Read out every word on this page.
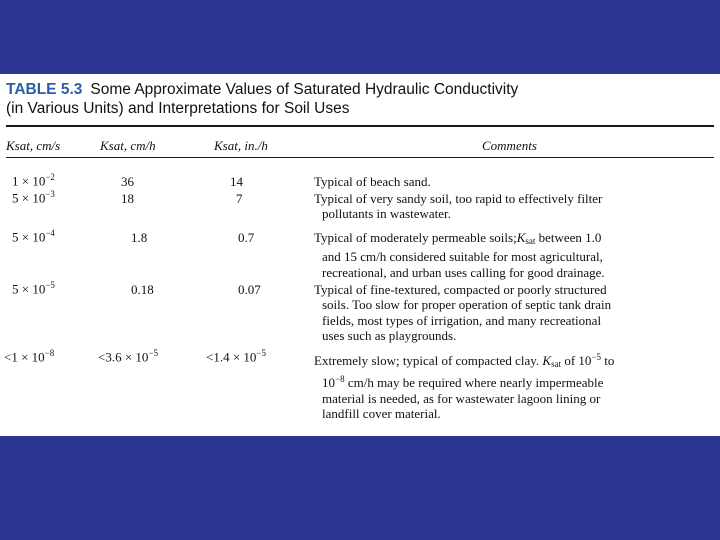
TABLE 5.3 Some Approximate Values of Saturated Hydraulic Conductivity
(in Various Units) and Interpretations for Soil Uses
Ksat, cm/s	Ksat, cm/h	Ksat, in./h	Comments
$1 \times 10^{-2}$	36	14	Typical of beach sand.
$5 \times 10^{-3}$	18	7	Typical of very sandy soil, too rapid to effectively filter
pollutants in wastewater.
$5 \times 10^{-4}$	1.8	0.7	Typical of moderately permeable $soils;K_{sat}$ between 1.0
and 15 cm/h considered suitable for most agricultural,
recreational, and urban uses calling for good drainage.
$5 \times 10^{-5}$	0.18	0.07	Typical of fine-textured, compacted or poorly structured
soils. Too slow for proper operation of septic tank drain
fields, most types of irrigation, and many recreational
uses such as playgrounds.
$<1 \times 10^{-8}$	$<3.6 \times 10^{-5}$	$<1.4 \times 10^{-5}$	Extremely slow; typical of compacted clay. $K_{sat}$ of $10^{-5}$ to
$10^{-8}$ cm/h may be required where nearly impermeable
material is needed, as for wastewater lagoon lining or
landfill cover material.
